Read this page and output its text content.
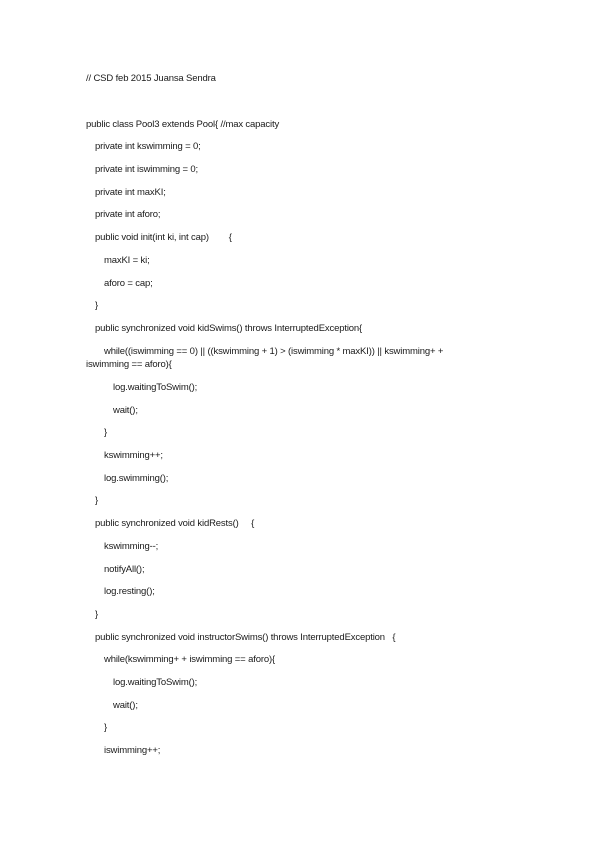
// CSD feb 2015 Juansa Sendra
public class Pool3 extends Pool{ //max capacity
private int kswimming = 0;
private int iswimming = 0;
private int maxKI;
private int aforo;
public void init(int ki, int cap)        {
maxKI = ki;
aforo = cap;
}
public synchronized void kidSwims() throws InterruptedException{
while((iswimming == 0) || ((kswimming + 1) > (iswimming * maxKI)) || kswimming+ +
iswimming == aforo){
log.waitingToSwim();
wait();
}
kswimming++;
log.swimming();
}
public synchronized void kidRests()     {
kswimming--;
notifyAll();
log.resting();
}
public synchronized void instructorSwims() throws InterruptedException   {
while(kswimming+ + iswimming == aforo){
log.waitingToSwim();
wait();
}
iswimming++;
